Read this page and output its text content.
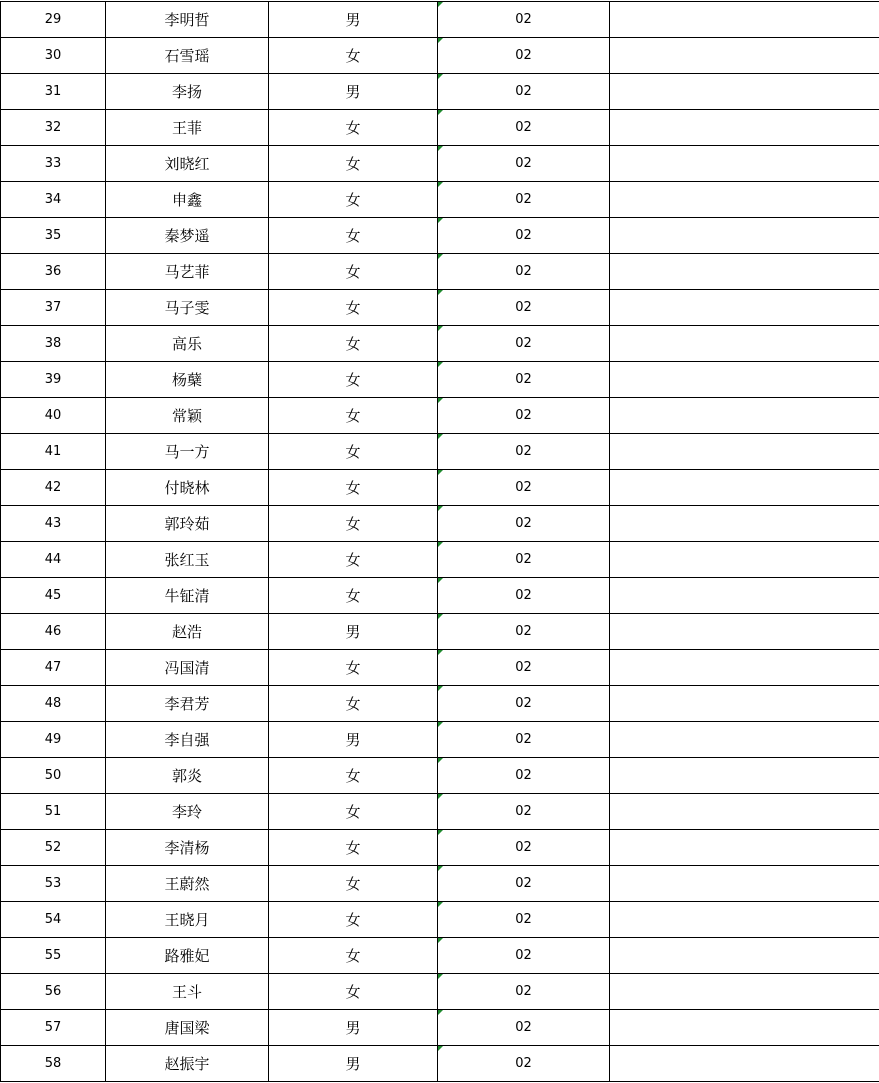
29	李明哲	男	02	
30	石雪瑶	女	02	
31	李扬	男	02	
32	王菲	女	02	
33	刘晓红	女	02	
34	申鑫	女	02	
35	秦梦遥	女	02	
36	马艺菲	女	02	
37	马子雯	女	02	
38	高乐	女	02	
39	杨蘖	女	02	
40	常颖	女	02	
41	马一方	女	02	
42	付晓林	女	02	
43	郭玲茹	女	02	
44	张红玉	女	02	
45	牛钲清	女	02	
46	赵浩	男	02	
47	冯国清	女	02	
48	李君芳	女	02	
49	李自强	男	02	
50	郭炎	女	02	
51	李玲	女	02	
52	李清杨	女	02	
53	王蔚然	女	02	
54	王晓月	女	02	
55	路雅妃	女	02	
56	王斗	女	02	
57	唐国梁	男	02	
58	赵振宇	男	02	
